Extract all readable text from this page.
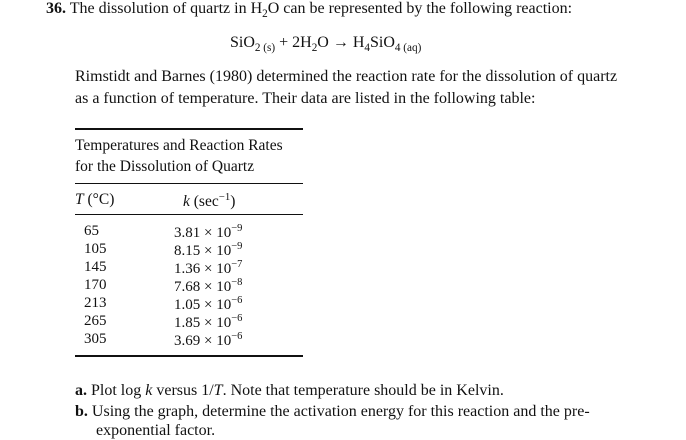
36. The dissolution of quartz in $H_2O$ can be represented by the following reaction:
$SiO_{2 (s)} + 2H_2O \to H_4SiO_{4 (aq)}$
Rimstidt and Barnes (1980) determined the reaction rate for the dissolution of quartz
as a function of temperature. Their data are listed in the following table:
Temperatures and Reaction Rates
for the Dissolution of Quartz
T (°C)	k $(\sec^{-1})$
65	$3.81 \times 10^{-9}$
105	$8.15 \times 10^{-9}$
145	$1.36 \times 10^{-7}$
170	$7.68 \times 10^{-8}$
213	$1.05 \times 10^{-6}$
265	$1.85 \times 10^{-6}$
305	$3.69 \times 10^{-6}$
a. Plot log k versus 1/T. Note that temperature should be in Kelvin.
b. Using the graph, determine the activation energy for this reaction and the pre-
exponential factor.
